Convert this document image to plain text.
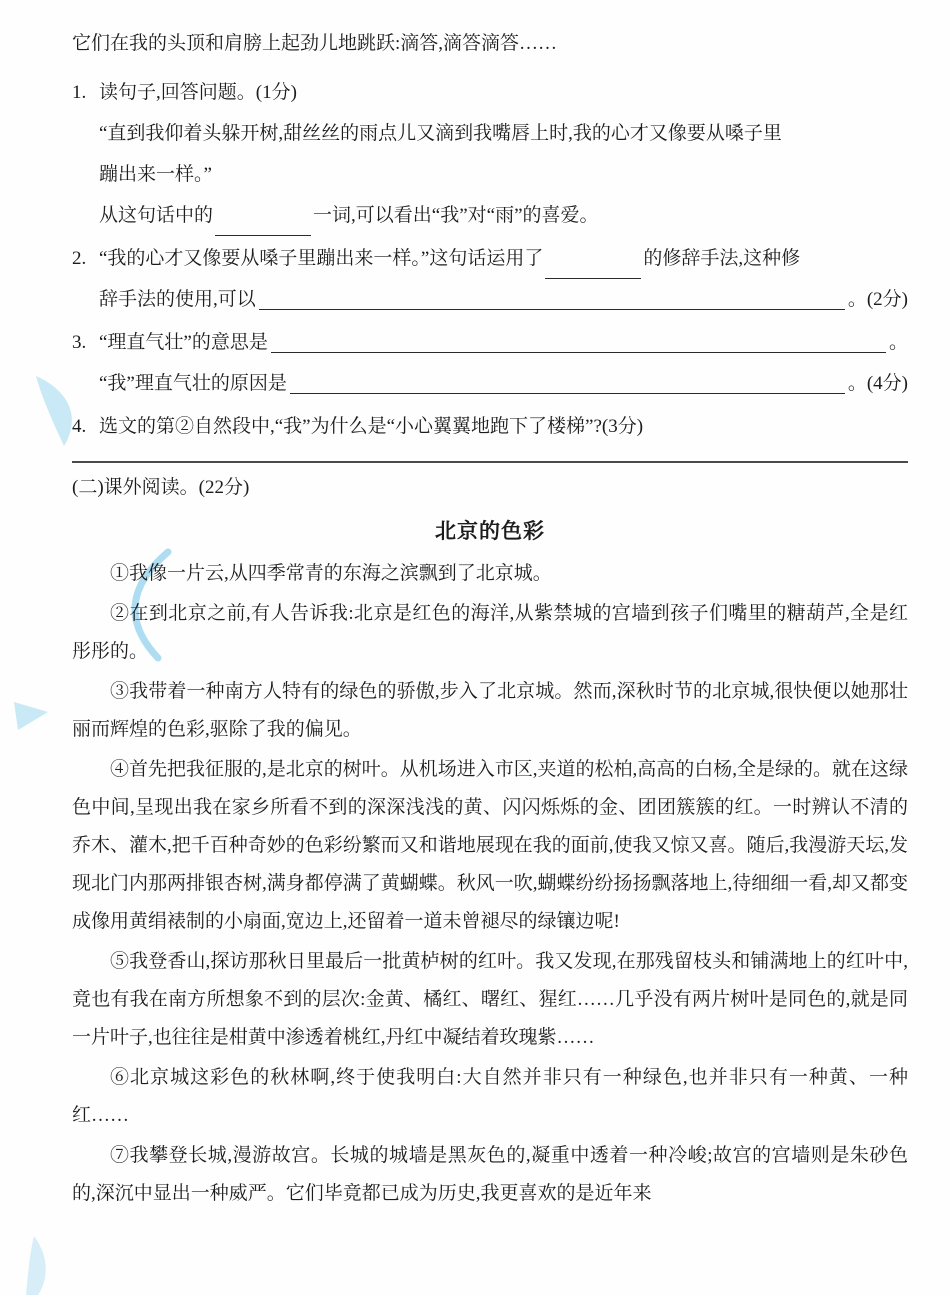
它们在我的头顶和肩膀上起劲儿地跳跃:滴答,滴答滴答……

1. 读句子,回答问题。(1分)
“直到我仰着头躲开树,甜丝丝的雨点儿又滴到我嘴唇上时,我的心才又像要从嗓子里
蹦出来一样。”
从这句话中的	一词,可以看出“我”对“雨”的喜爱。
2. “我的心才又像要从嗓子里蹦出来一样。”这句话运用了	的修辞手法,这种修
辞手法的使用,可以	。(2分)
3. “理直气壮”的意思是	。
“我”理直气壮的原因是	。(4分)
4. 选文的第②自然段中,“我”为什么是“小心翼翼地跑下了楼梯”?(3分)
(二)课外阅读。(22分)
北京的色彩

①我像一片云,从四季常青的东海之滨飘到了北京城。

②在到北京之前,有人告诉我:北京是红色的海洋,从紫禁城的宫墙到孩子们嘴里的糖葫芦,全是红彤彤的。

③我带着一种南方人特有的绿色的骄傲,步入了北京城。然而,深秋时节的北京城,很快便以她那壮丽而辉煌的色彩,驱除了我的偏见。

④首先把我征服的,是北京的树叶。从机场进入市区,夹道的松柏,高高的白杨,全是绿的。就在这绿色中间,呈现出我在家乡所看不到的深深浅浅的黄、闪闪烁烁的金、团团簇簇的红。一时辨认不清的乔木、灌木,把千百种奇妙的色彩纷繁而又和谐地展现在我的面前,使我又惊又喜。随后,我漫游天坛,发现北门内那两排银杏树,满身都停满了黄蝴蝶。秋风一吹,蝴蝶纷纷扬扬飘落地上,待细细一看,却又都变成像用黄绢裱制的小扇面,宽边上,还留着一道未曾褪尽的绿镶边呢!

⑤我登香山,探访那秋日里最后一批黄栌树的红叶。我又发现,在那残留枝头和铺满地上的红叶中,竟也有我在南方所想象不到的层次:金黄、橘红、曙红、猩红……几乎没有两片树叶是同色的,就是同一片叶子,也往往是柑黄中渗透着桃红,丹红中凝结着玫瑰紫……

⑥北京城这彩色的秋林啊,终于使我明白:大自然并非只有一种绿色,也并非只有一种黄、一种红……

⑦我攀登长城,漫游故宫。长城的城墙是黑灰色的,凝重中透着一种冷峻;故宫的宫墙则是朱砂色的,深沉中显出一种威严。它们毕竟都已成为历史,我更喜欢的是近年来
